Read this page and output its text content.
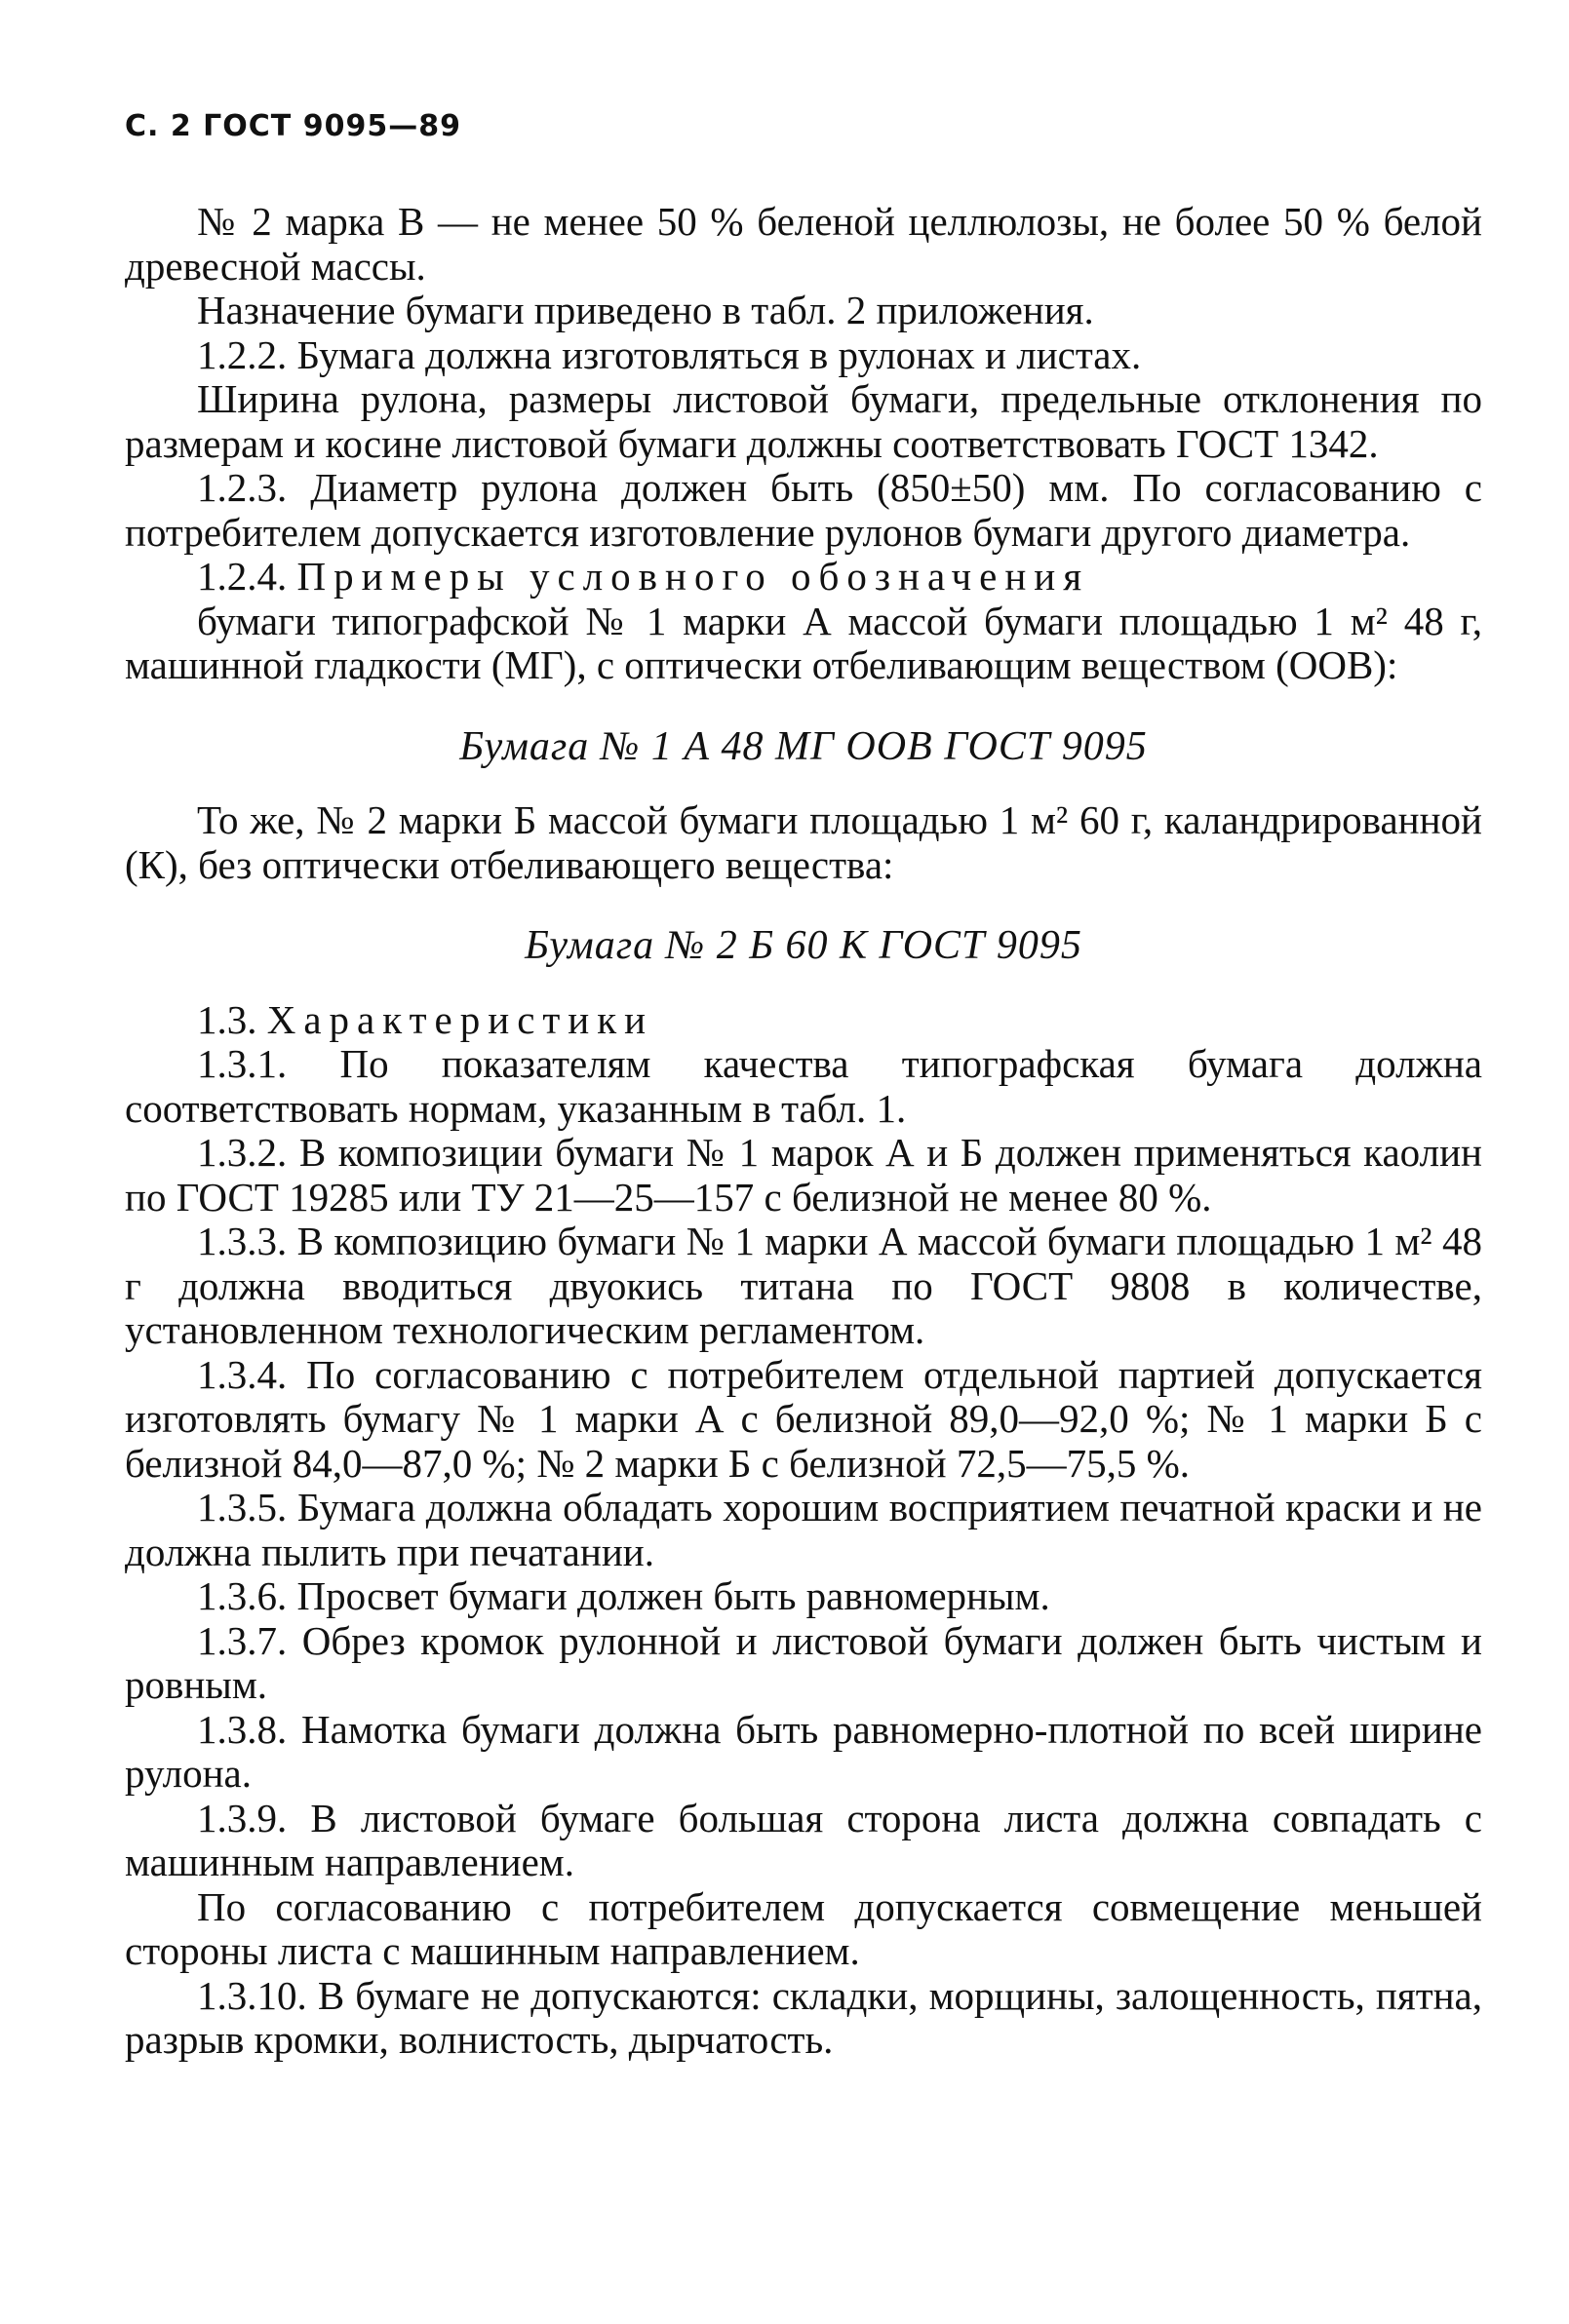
С. 2 ГОСТ 9095—89

№ 2 марка В — не менее 50 % беленой целлюлозы, не более 50 % белой древесной массы.

Назначение бумаги приведено в табл. 2 приложения.

1.2.2. Бумага должна изготовляться в рулонах и листах.

Ширина рулона, размеры листовой бумаги, предельные отклонения по размерам и косине листовой бумаги должны соответствовать ГОСТ 1342.

1.2.3. Диаметр рулона должен быть (850±50) мм. По согласованию с потребителем допускается изготовление рулонов бумаги другого диаметра.

1.2.4. Примеры условного обозначения

бумаги типографской № 1 марки А массой бумаги площадью 1 м² 48 г, машинной гладкости (МГ), с оптически отбеливающим веществом (ООВ):

Бумага № 1 А 48 МГ ООВ ГОСТ 9095

То же, № 2 марки Б массой бумаги площадью 1 м² 60 г, каландрированной (К), без оптически отбеливающего вещества:

Бумага № 2 Б 60 К ГОСТ 9095

1.3. Характеристики

1.3.1. По показателям качества типографская бумага должна соответствовать нормам, указанным в табл. 1.

1.3.2. В композиции бумаги № 1 марок А и Б должен применяться каолин по ГОСТ 19285 или ТУ 21—25—157 с белизной не менее 80 %.

1.3.3. В композицию бумаги № 1 марки А массой бумаги площадью 1 м² 48 г должна вводиться двуокись титана по ГОСТ 9808 в количестве, установленном технологическим регламентом.

1.3.4. По согласованию с потребителем отдельной партией допускается изготовлять бумагу № 1 марки А с белизной 89,0—92,0 %; № 1 марки Б с белизной 84,0—87,0 %; № 2 марки Б с белизной 72,5—75,5 %.

1.3.5. Бумага должна обладать хорошим восприятием печатной краски и не должна пылить при печатании.

1.3.6. Просвет бумаги должен быть равномерным.

1.3.7. Обрез кромок рулонной и листовой бумаги должен быть чистым и ровным.

1.3.8. Намотка бумаги должна быть равномерно-плотной по всей ширине рулона.

1.3.9. В листовой бумаге большая сторона листа должна совпадать с машинным направлением.

По согласованию с потребителем допускается совмещение меньшей стороны листа с машинным направлением.

1.3.10. В бумаге не допускаются: складки, морщины, залощенность, пятна, разрыв кромки, волнистость, дырчатость.
